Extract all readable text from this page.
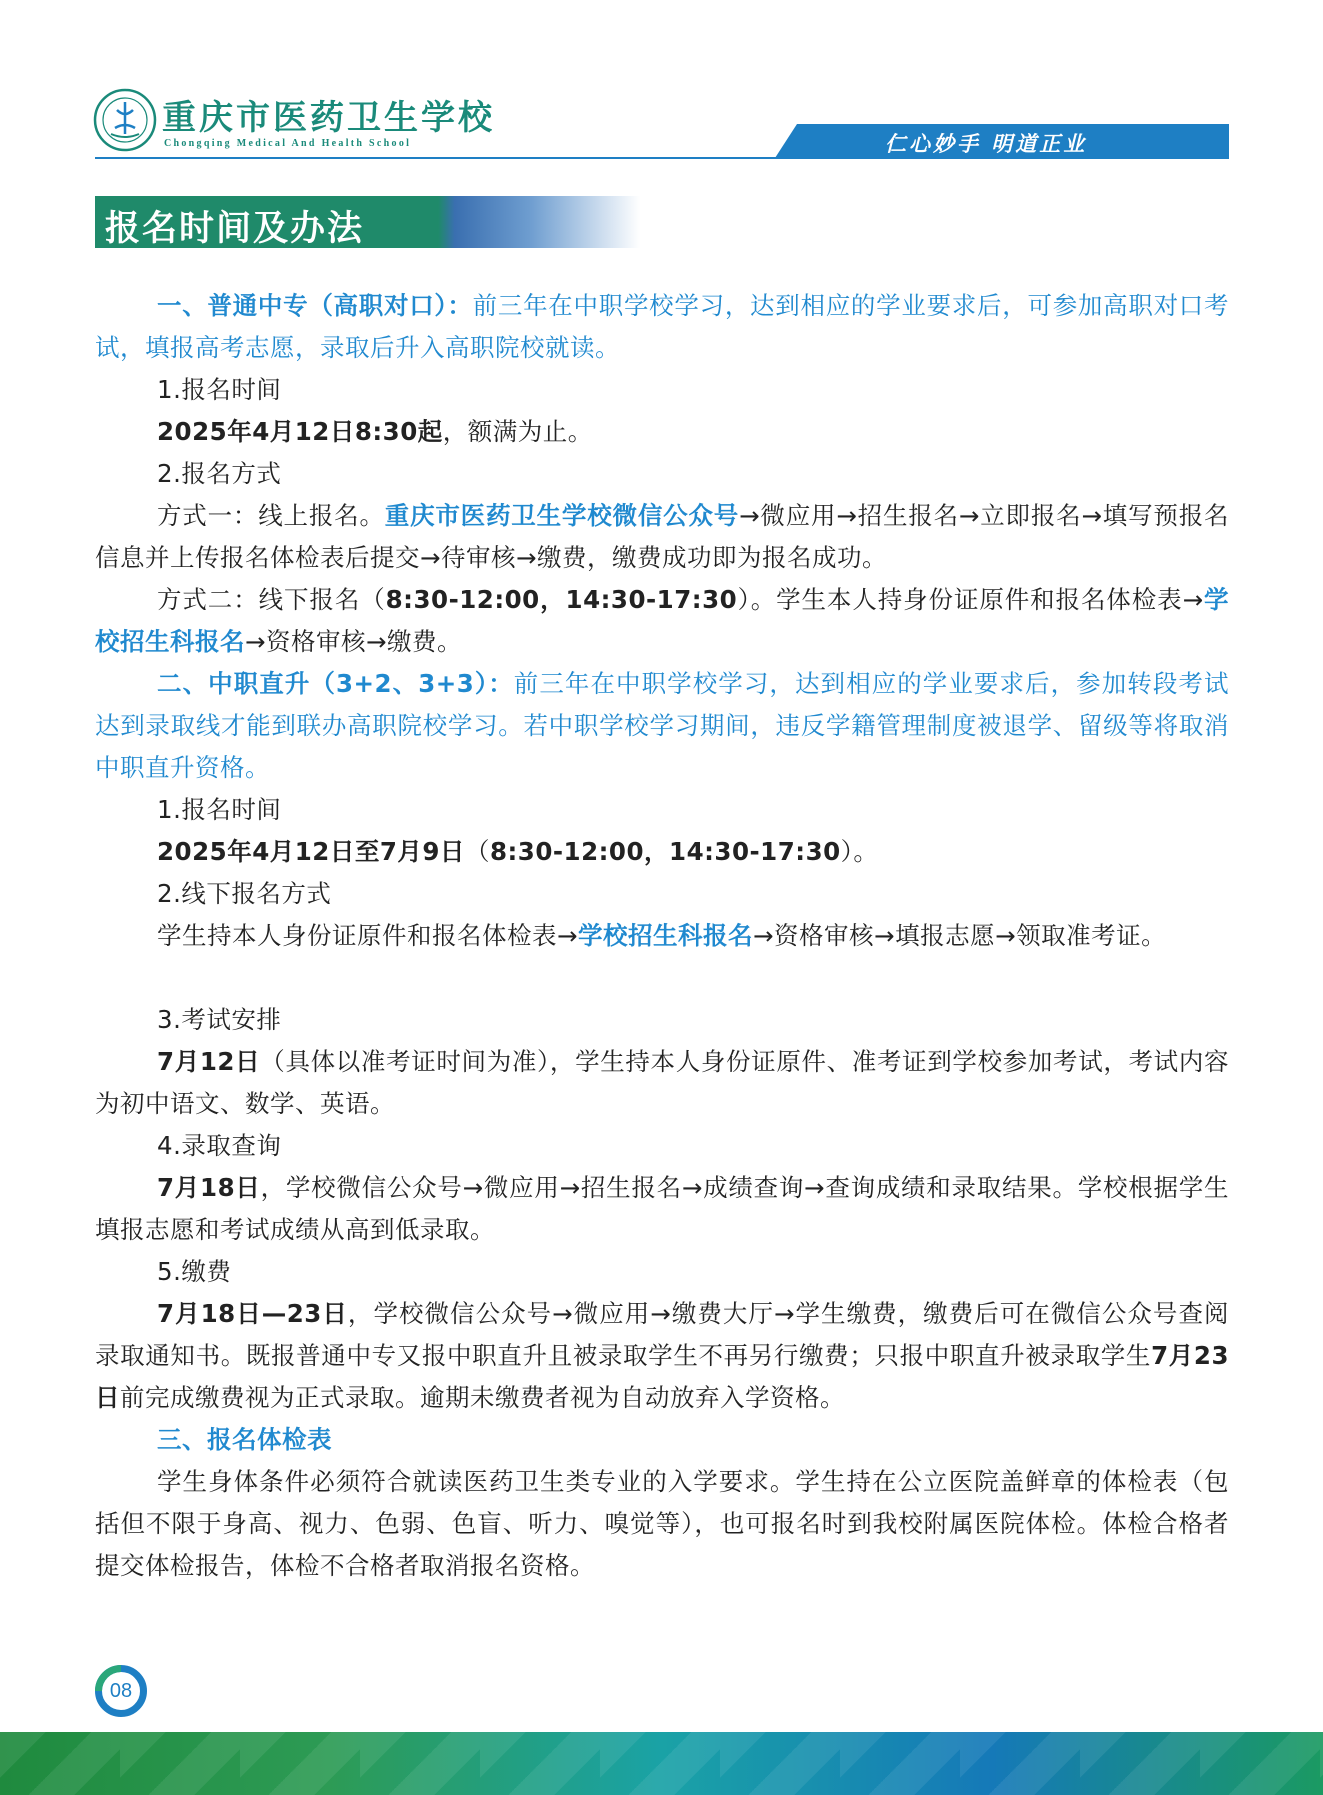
重庆市医药卫生学校
Chongqing Medical And Health School	仁心妙手 明道正业
报名时间及办法

一、普通中专（高职对口）：前三年在中职学校学习，达到相应的学业要求后，可参加高职对口考试，填报高考志愿，录取后升入高职院校就读。

1.报名时间

2025年4月12日8:30起，额满为止。

2.报名方式

方式一：线上报名。重庆市医药卫生学校微信公众号→微应用→招生报名→立即报名→填写预报名信息并上传报名体检表后提交→待审核→缴费，缴费成功即为报名成功。

方式二：线下报名（8:30-12:00，14:30-17:30）。学生本人持身份证原件和报名体检表→学校招生科报名→资格审核→缴费。

二、中职直升（3+2、3+3）：前三年在中职学校学习，达到相应的学业要求后，参加转段考试达到录取线才能到联办高职院校学习。若中职学校学习期间，违反学籍管理制度被退学、留级等将取消中职直升资格。

1.报名时间

2025年4月12日至7月9日（8:30-12:00，14:30-17:30）。

2.线下报名方式

学生持本人身份证原件和报名体检表→学校招生科报名→资格审核→填报志愿→领取准考证。

3.考试安排

7月12日（具体以准考证时间为准），学生持本人身份证原件、准考证到学校参加考试，考试内容为初中语文、数学、英语。

4.录取查询

7月18日，学校微信公众号→微应用→招生报名→成绩查询→查询成绩和录取结果。学校根据学生填报志愿和考试成绩从高到低录取。

5.缴费

7月18日—23日，学校微信公众号→微应用→缴费大厅→学生缴费，缴费后可在微信公众号查阅录取通知书。既报普通中专又报中职直升且被录取学生不再另行缴费；只报中职直升被录取学生7月23日前完成缴费视为正式录取。逾期未缴费者视为自动放弃入学资格。

三、报名体检表

学生身体条件必须符合就读医药卫生类专业的入学要求。学生持在公立医院盖鲜章的体检表（包括但不限于身高、视力、色弱、色盲、听力、嗅觉等），也可报名时到我校附属医院体检。体检合格者提交体检报告，体检不合格者取消报名资格。

08
